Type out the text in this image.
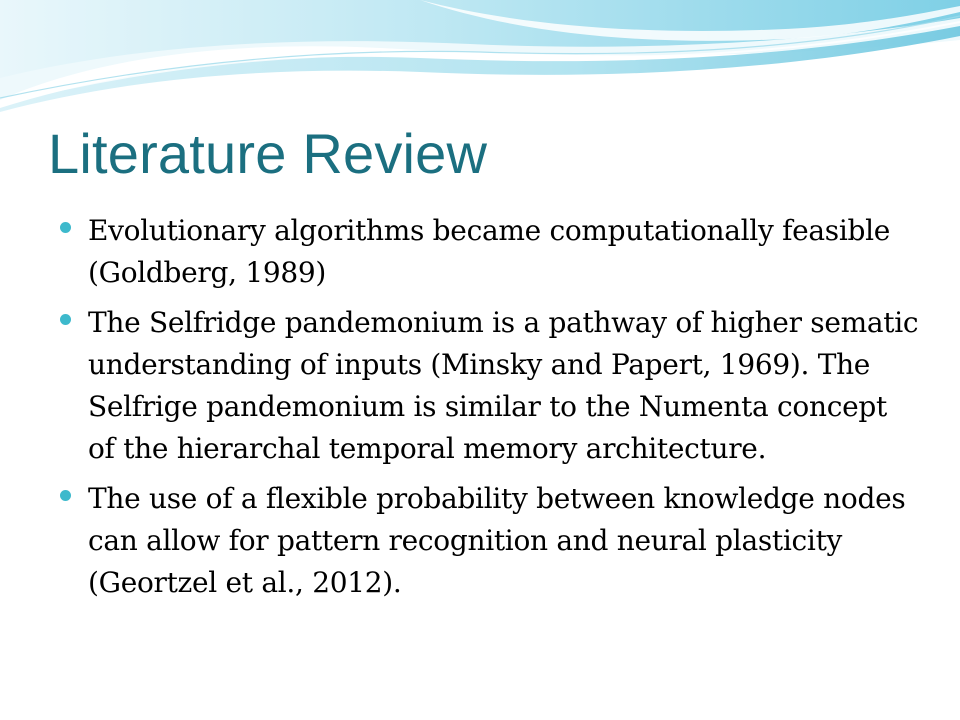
Literature Review
Evolutionary algorithms became computationally feasible (Goldberg, 1989)
The Selfridge pandemonium is a pathway of higher sematic understanding of inputs (Minsky and Papert, 1969). The Selfrige pandemonium is similar to the Numenta concept of the hierarchal temporal memory architecture.
The use of a flexible probability between knowledge nodes can allow for pattern recognition and neural plasticity (Geortzel et al., 2012).
